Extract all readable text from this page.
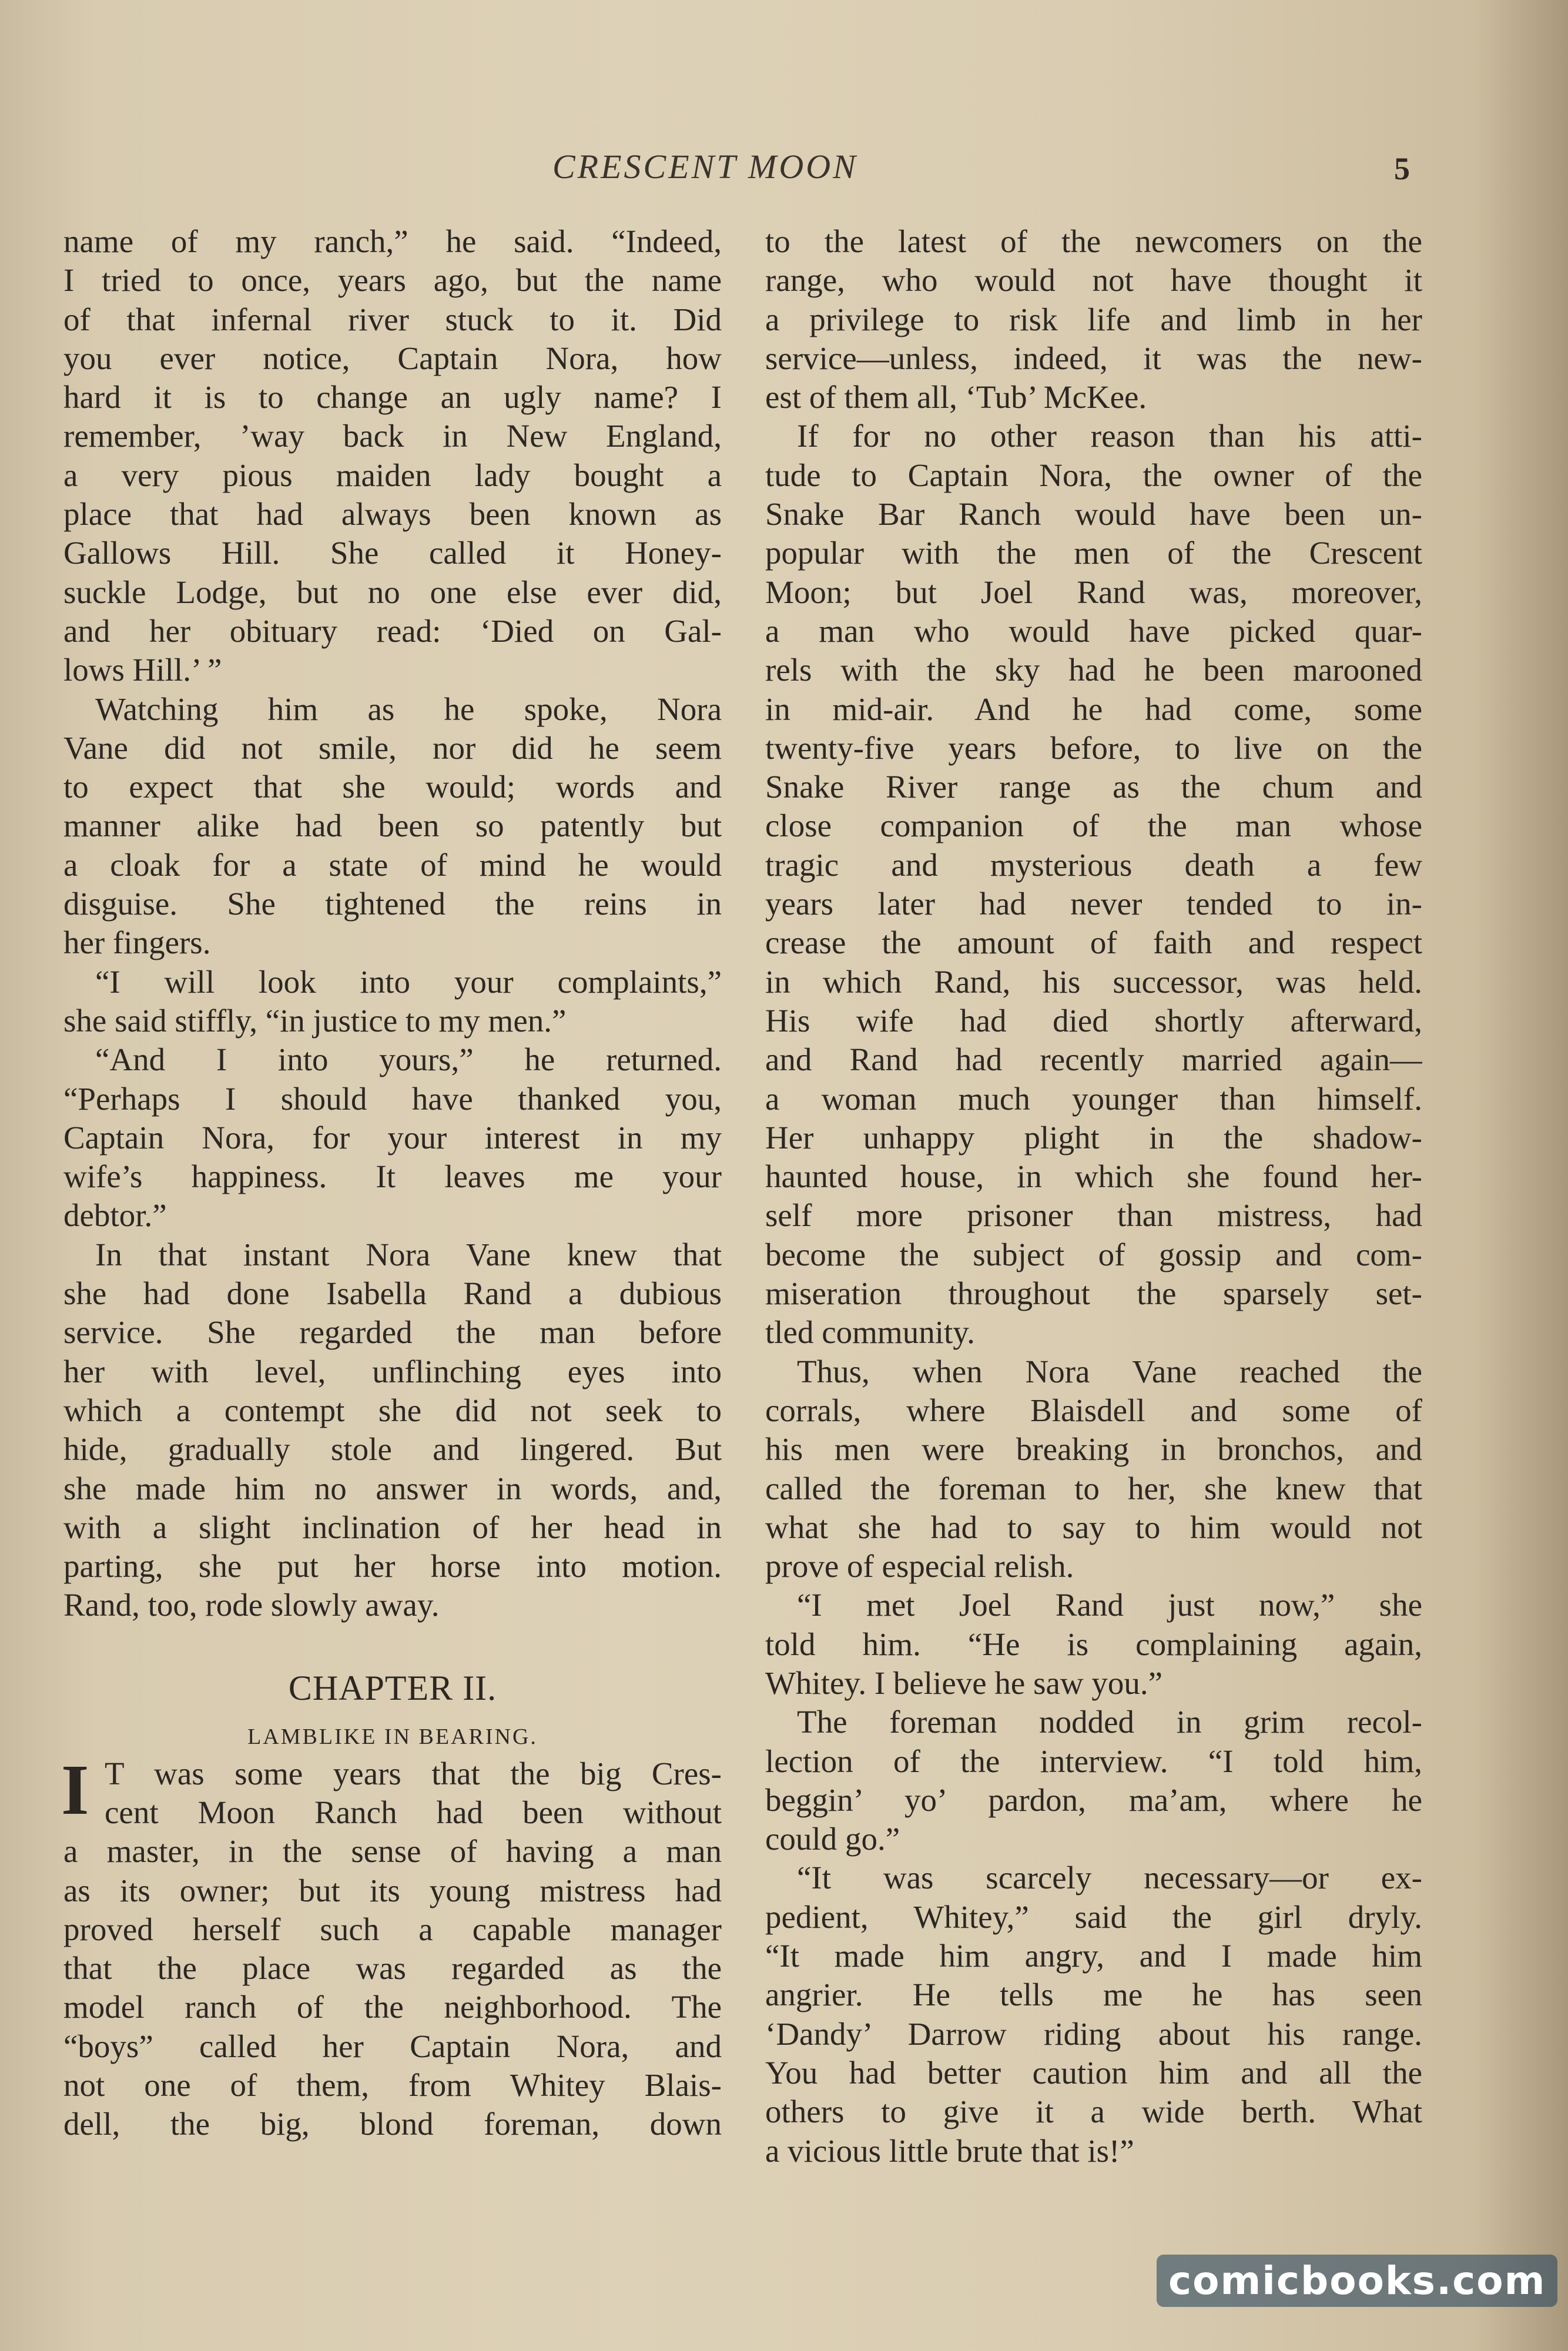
CRESCENT MOON	5
name of my ranch,” he said. “Indeed,
I tried to once, years ago, but the name
of that infernal river stuck to it. Did
you ever notice, Captain Nora, how
hard it is to change an ugly name? I
remember, ’way back in New England,
a very pious maiden lady bought a
place that had always been known as
Gallows Hill. She called it Honey-
suckle Lodge, but no one else ever did,
and her obituary read: ‘Died on Gal-
lows Hill.’ ”
Watching him as he spoke, Nora
Vane did not smile, nor did he seem
to expect that she would; words and
manner alike had been so patently but
a cloak for a state of mind he would
disguise. She tightened the reins in
her fingers.
“I will look into your complaints,”
she said stiffly, “in justice to my men.”
“And I into yours,” he returned.
“Perhaps I should have thanked you,
Captain Nora, for your interest in my
wife’s happiness. It leaves me your
debtor.”
In that instant Nora Vane knew that
she had done Isabella Rand a dubious
service. She regarded the man before
her with level, unflinching eyes into
which a contempt she did not seek to
hide, gradually stole and lingered. But
she made him no answer in words, and,
with a slight inclination of her head in
parting, she put her horse into motion.
Rand, too, rode slowly away.
CHAPTER II.
LAMBLIKE IN BEARING.
I T was some years that the big Cres-
cent Moon Ranch had been without
a master, in the sense of having a man
as its owner; but its young mistress had
proved herself such a capable manager
that the place was regarded as the
model ranch of the neighborhood. The
“boys” called her Captain Nora, and
not one of them, from Whitey Blais-
dell, the big, blond foreman, down
to the latest of the newcomers on the
range, who would not have thought it
a privilege to risk life and limb in her
service—unless, indeed, it was the new-
est of them all, ‘Tub’ McKee.
If for no other reason than his atti-
tude to Captain Nora, the owner of the
Snake Bar Ranch would have been un-
popular with the men of the Crescent
Moon; but Joel Rand was, moreover,
a man who would have picked quar-
rels with the sky had he been marooned
in mid-air. And he had come, some
twenty-five years before, to live on the
Snake River range as the chum and
close companion of the man whose
tragic and mysterious death a few
years later had never tended to in-
crease the amount of faith and respect
in which Rand, his successor, was held.
His wife had died shortly afterward,
and Rand had recently married again—
a woman much younger than himself.
Her unhappy plight in the shadow-
haunted house, in which she found her-
self more prisoner than mistress, had
become the subject of gossip and com-
miseration throughout the sparsely set-
tled community.
Thus, when Nora Vane reached the
corrals, where Blaisdell and some of
his men were breaking in bronchos, and
called the foreman to her, she knew that
what she had to say to him would not
prove of especial relish.
“I met Joel Rand just now,” she
told him. “He is complaining again,
Whitey. I believe he saw you.”
The foreman nodded in grim recol-
lection of the interview. “I told him,
beggin’ yo’ pardon, ma’am, where he
could go.”
“It was scarcely necessary—or ex-
pedient, Whitey,” said the girl dryly.
“It made him angry, and I made him
angrier. He tells me he has seen
‘Dandy’ Darrow riding about his range.
You had better caution him and all the
others to give it a wide berth. What
a vicious little brute that is!”
comicbooks.com
